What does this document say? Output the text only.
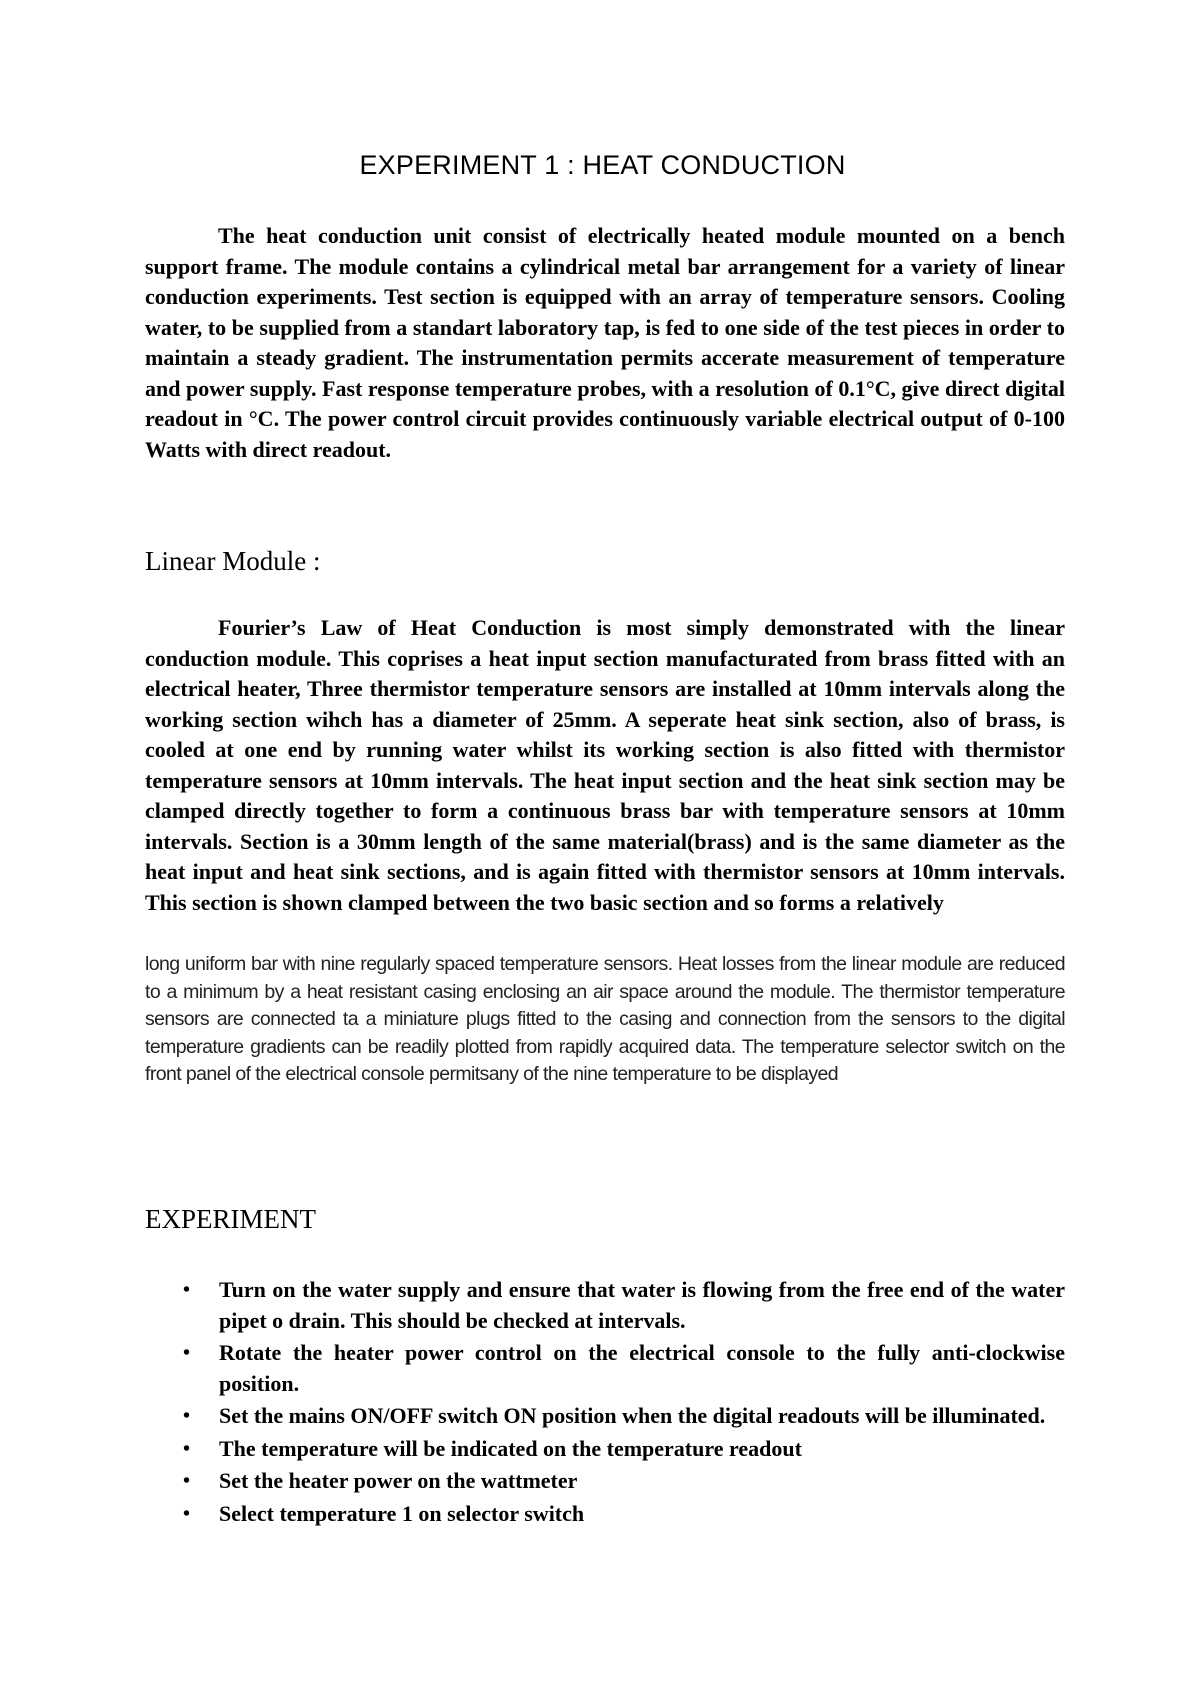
EXPERIMENT 1 : HEAT CONDUCTION

The heat conduction unit consist of electrically heated module mounted on a bench support frame. The module contains a cylindrical metal bar arrangement for a variety of linear conduction experiments. Test section is equipped with an array of temperature sensors. Cooling water, to be supplied from a standart laboratory tap, is fed to one side of the test pieces in order to maintain a steady gradient. The instrumentation permits accerate measurement of temperature and power supply. Fast response temperature probes, with a resolution of 0.1°C, give direct digital readout in °C. The power control circuit provides continuously variable electrical output of 0-100 Watts with direct readout.

Linear Module :

Fourier’s Law of Heat Conduction is most simply demonstrated with the linear conduction module. This coprises a heat input section manufacturated from brass fitted with an electrical heater, Three thermistor temperature sensors are installed at 10mm intervals along the working section wihch has a diameter of 25mm. A seperate heat sink section, also of brass, is cooled at one end by running water whilst its working section is also fitted with thermistor temperature sensors at 10mm intervals. The heat input section and the heat sink section may be clamped directly together to form a continuous brass bar with temperature sensors at 10mm intervals. Section is a 30mm length of the same material(brass) and is the same diameter as the heat input and heat sink sections, and is again fitted with thermistor sensors at 10mm intervals. This section is shown clamped between the two basic section and so forms a relatively

long uniform bar with nine regularly spaced temperature sensors. Heat losses from the linear module are reduced to a minimum by a heat resistant casing enclosing an air space around the module. The thermistor temperature sensors are connected ta a miniature plugs fitted to the casing and connection from the sensors to the digital temperature gradients can be readily plotted from rapidly acquired data. The temperature selector switch on the front panel of the electrical console permitsany of the nine temperature to be displayed

EXPERIMENT
• Turn on the water supply and ensure that water is flowing from the free end of the water pipet o drain. This should be checked at intervals.
• Rotate the heater power control on the electrical console to the fully anti-clockwise position.
• Set the mains ON/OFF switch ON position when the digital readouts will be illuminated.
• The temperature will be indicated on the temperature readout
• Set the heater power on the wattmeter
• Select temperature 1 on selector switch
